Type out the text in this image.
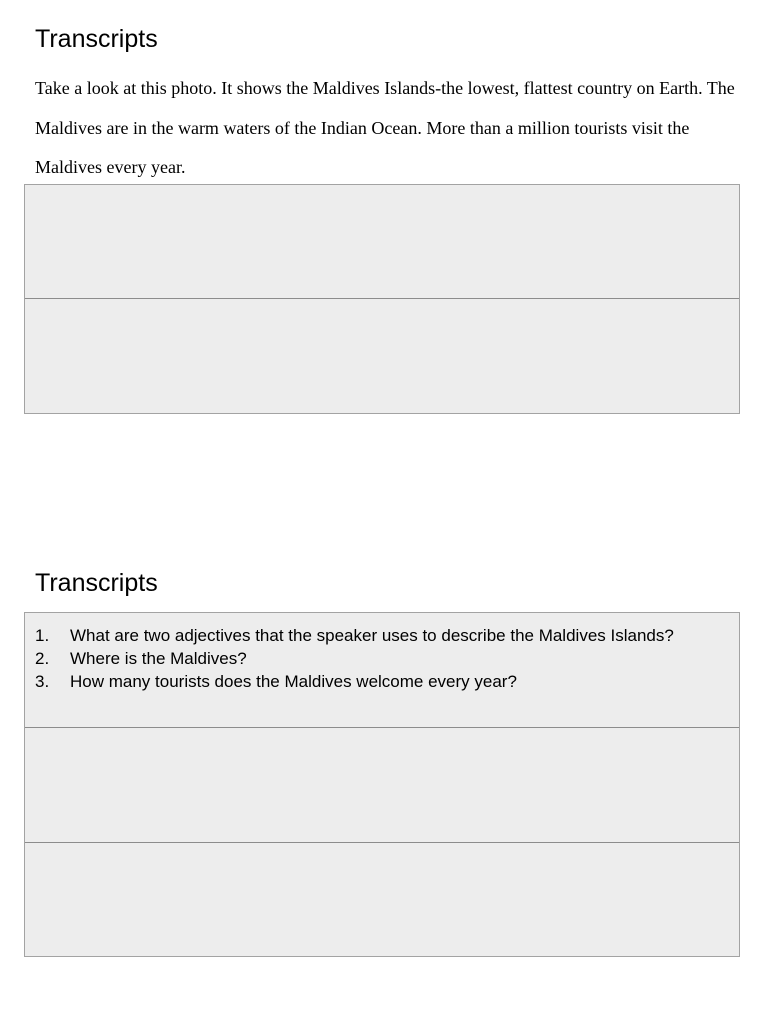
Transcripts

Take a look at this photo. It shows the Maldives Islands-the lowest, flattest country on Earth. The Maldives are in the warm waters of the Indian Ocean. More than a million tourists visit the Maldives every year.

Transcripts
1. What are two adjectives that the speaker uses to describe the Maldives Islands?
2. Where is the Maldives?
3. How many tourists does the Maldives welcome every year?
